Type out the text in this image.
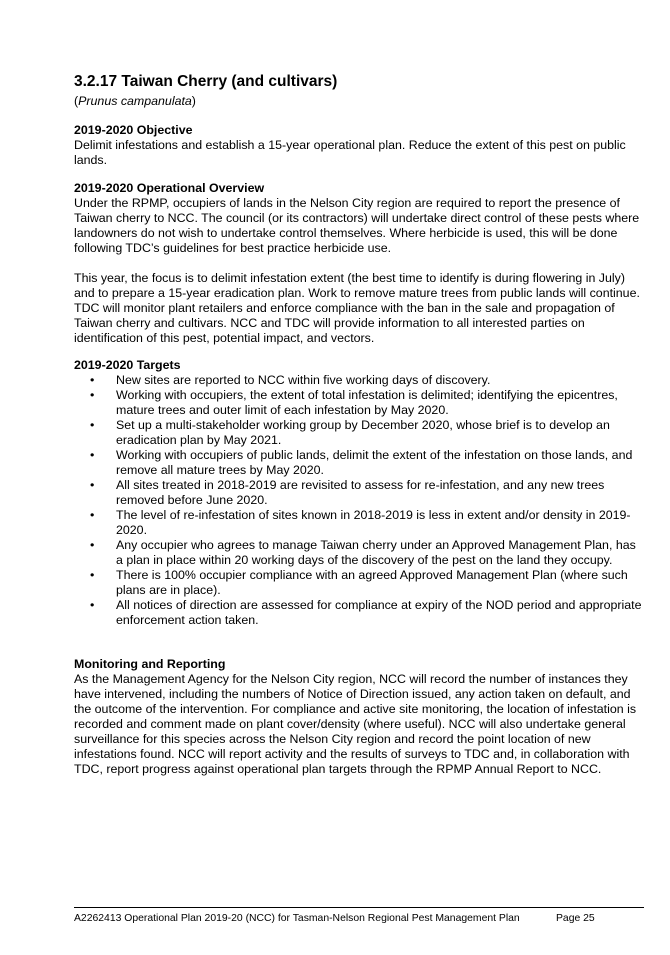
3.2.17 Taiwan Cherry (and cultivars)
(Prunus campanulata)
2019-2020 Objective

Delimit infestations and establish a 15-year operational plan. Reduce the extent of this pest on public lands.

2019-2020 Operational Overview

Under the RPMP, occupiers of lands in the Nelson City region are required to report the presence of Taiwan cherry to NCC. The council (or its contractors) will undertake direct control of these pests where landowners do not wish to undertake control themselves. Where herbicide is used, this will be done following TDC’s guidelines for best practice herbicide use.

This year, the focus is to delimit infestation extent (the best time to identify is during flowering in July) and to prepare a 15-year eradication plan. Work to remove mature trees from public lands will continue. TDC will monitor plant retailers and enforce compliance with the ban in the sale and propagation of Taiwan cherry and cultivars. NCC and TDC will provide information to all interested parties on identification of this pest, potential impact, and vectors.

2019-2020 Targets
• New sites are reported to NCC within five working days of discovery.
• Working with occupiers, the extent of total infestation is delimited; identifying the epicentres, mature trees and outer limit of each infestation by May 2020.
• Set up a multi-stakeholder working group by December 2020, whose brief is to develop an eradication plan by May 2021.
• Working with occupiers of public lands, delimit the extent of the infestation on those lands, and remove all mature trees by May 2020.
• All sites treated in 2018-2019 are revisited to assess for re-infestation, and any new trees removed before June 2020.
• The level of re-infestation of sites known in 2018-2019 is less in extent and/or density in 2019-2020.
• Any occupier who agrees to manage Taiwan cherry under an Approved Management Plan, has a plan in place within 20 working days of the discovery of the pest on the land they occupy.
• There is 100% occupier compliance with an agreed Approved Management Plan (where such plans are in place).
• All notices of direction are assessed for compliance at expiry of the NOD period and appropriate enforcement action taken.
Monitoring and Reporting

As the Management Agency for the Nelson City region, NCC will record the number of instances they have intervened, including the numbers of Notice of Direction issued, any action taken on default, and the outcome of the intervention. For compliance and active site monitoring, the location of infestation is recorded and comment made on plant cover/density (where useful). NCC will also undertake general surveillance for this species across the Nelson City region and record the point location of new infestations found. NCC will report activity and the results of surveys to TDC and, in collaboration with TDC, report progress against operational plan targets through the RPMP Annual Report to NCC.

A2262413 Operational Plan 2019-20 (NCC) for Tasman-Nelson Regional Pest Management Plan	Page 25
